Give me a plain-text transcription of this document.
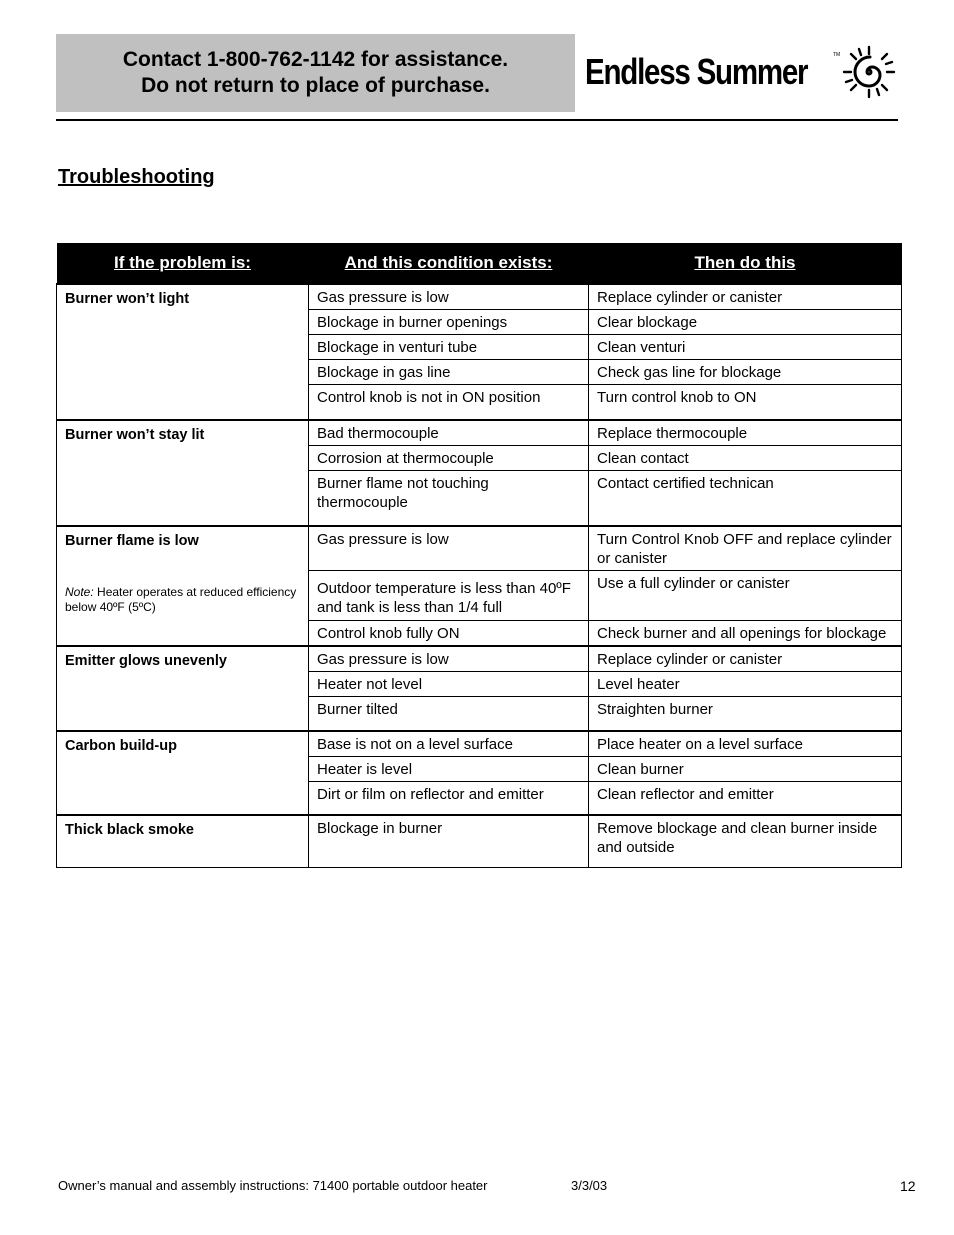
Contact 1-800-762-1142 for assistance.
Do not return to place of purchase.	Endless Summer	TM
Troubleshooting
If the problem is:	And this condition exists:	Then do this
Burner won’t light	Gas pressure is low	Replace cylinder or canister
	Blockage in burner openings	Clear blockage
	Blockage in venturi tube	Clean venturi
	Blockage in gas line	Check gas line for blockage
	Control knob is not in ON position	Turn control knob to ON
Burner won’t stay lit	Bad thermocouple	Replace thermocouple
	Corrosion at thermocouple	Clean contact
	Burner flame not touching thermocouple	Contact certified technican
Burner flame is low
Note: Heater operates at reduced efficiency below 40ºF (5ºC)	Gas pressure is low	Turn Control Knob OFF and replace cylinder or canister
	Outdoor temperature is less than 40ºF and tank is less than 1/4 full	Use a full cylinder or canister
	Control knob fully ON	Check burner and all openings for blockage
Emitter glows unevenly	Gas pressure is low	Replace cylinder or canister
	Heater not level	Level heater
	Burner tilted	Straighten burner
Carbon build-up	Base is not on a level surface	Place heater on a level surface
	Heater is level	Clean burner
	Dirt or film on reflector and emitter	Clean reflector and emitter
Thick black smoke	Blockage in burner	Remove blockage and clean burner inside and outside
Owner’s manual and assembly instructions: 71400 portable outdoor heater	3/3/03	12
